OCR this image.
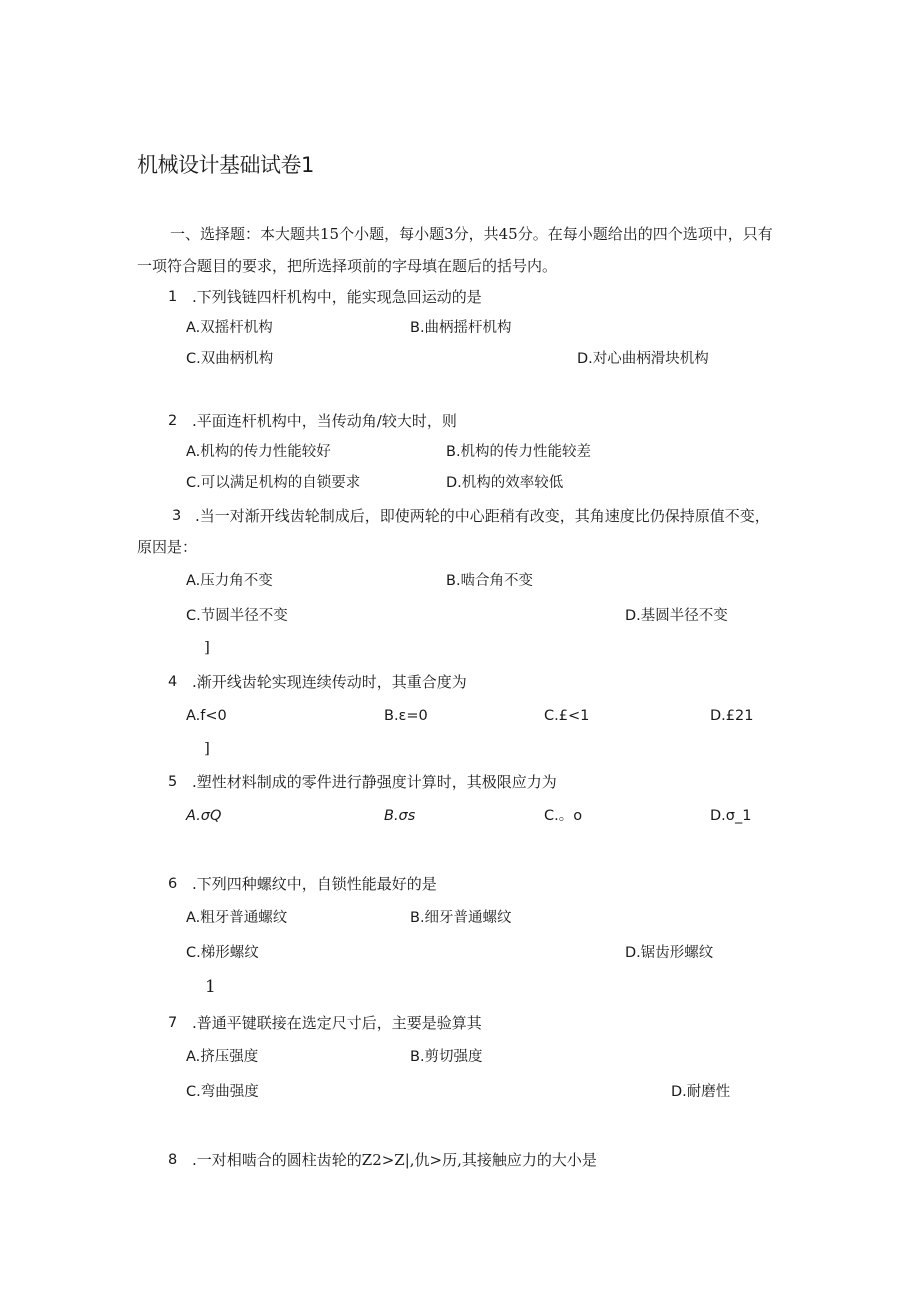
机械设计基础试卷1
一、选择题：本大题共15个小题，每小题3分，共45分。在每小题给出的四个选项中，只有
一项符合题目的要求，把所选择项前的字母填在题后的括号内。
1 .下列钱链四杆机构中，能实现急回运动的是
A.双摇杆机构	B.曲柄摇杆机构
C.双曲柄机构	D.对心曲柄滑块机构
2 .平面连杆机构中，当传动角/较大时，则
A.机构的传力性能较好	B.机构的传力性能较差
C.可以满足机构的自锁要求	D.机构的效率较低
3 .当一对渐开线齿轮制成后，即使两轮的中心距稍有改变，其角速度比仍保持原值不变，
原因是：
A.压力角不变	B.啮合角不变
C.节圆半径不变	D.基圆半径不变
]
4 .渐开线齿轮实现连续传动时，其重合度为
A.f<0	B.ε=0	C.£<1	D.£21
]
5 .塑性材料制成的零件进行静强度计算时，其极限应力为
A.σQ	B.σs	C.。o	D.σ_1
6 .下列四种螺纹中，自锁性能最好的是
A.粗牙普通螺纹	B.细牙普通螺纹
C.梯形螺纹	D.锯齿形螺纹
1
7 .普通平键联接在选定尺寸后，主要是验算其
A.挤压强度	B.剪切强度
C.弯曲强度	D.耐磨性
8 .一对相啮合的圆柱齿轮的Z2>Z|,仇>历,其接触应力的大小是
